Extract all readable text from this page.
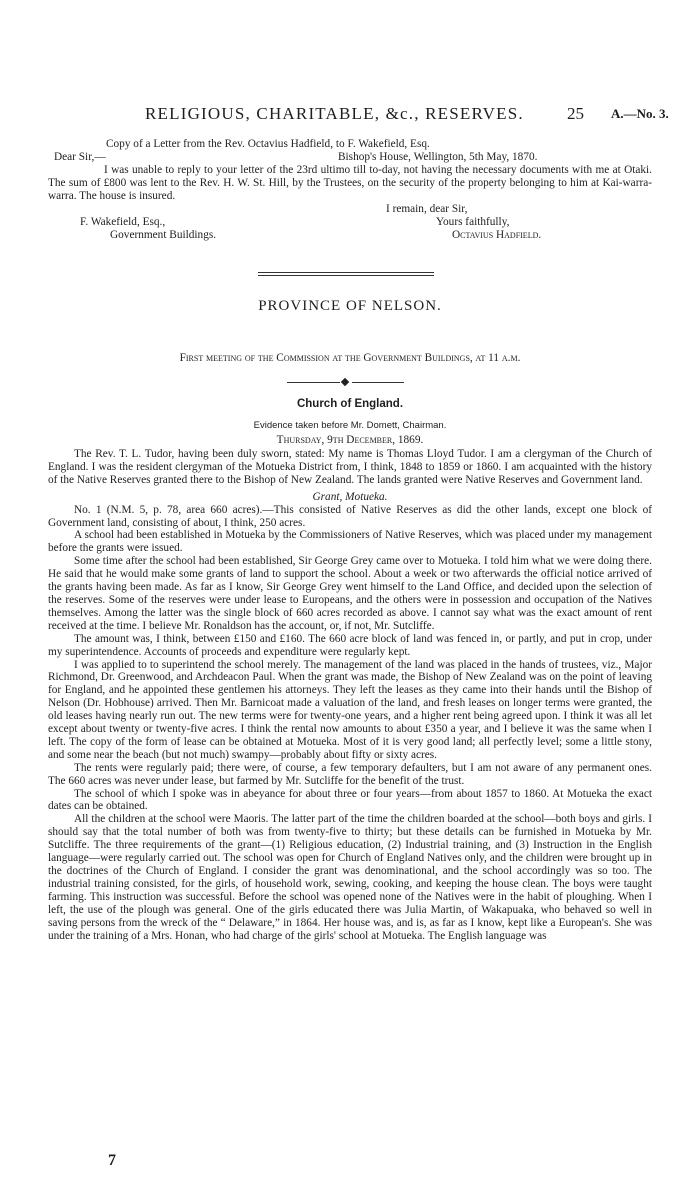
RELIGIOUS, CHARITABLE, &c., RESERVES.	25 A.—No. 3.
Copy of a Letter from the Rev. Octavius Hadfield, to F. Wakefield, Esq.
Dear Sir,—	Bishop's House, Wellington, 5th May, 1870.

I was unable to reply to your letter of the 23rd ultimo till to-day, not having the necessary documents with me at Otaki. The sum of £800 was lent to the Rev. H. W. St. Hill, by the Trustees, on the security of the property belonging to him at Kai-warra-warra. The house is insured.

I remain, dear Sir,
F. Wakefield, Esq.,	Yours faithfully,
Government Buildings.	Octavius Hadfield.
PROVINCE OF NELSON.
First meeting of the Commission at the Government Buildings, at 11 a.m.
Church of England.
Evidence taken before Mr. Domett, Chairman.
Thursday, 9th December, 1869.

The Rev. T. L. Tudor, having been duly sworn, stated: My name is Thomas Lloyd Tudor. I am a clergyman of the Church of England. I was the resident clergyman of the Motueka District from, I think, 1848 to 1859 or 1860. I am acquainted with the history of the Native Reserves granted there to the Bishop of New Zealand. The lands granted were Native Reserves and Government land.

Grant, Motueka.

No. 1 (N.M. 5, p. 78, area 660 acres).—This consisted of Native Reserves as did the other lands, except one block of Government land, consisting of about, I think, 250 acres.

A school had been established in Motueka by the Commissioners of Native Reserves, which was placed under my management before the grants were issued.

Some time after the school had been established, Sir George Grey came over to Motueka. I told him what we were doing there. He said that he would make some grants of land to support the school. About a week or two afterwards the official notice arrived of the grants having been made. As far as I know, Sir George Grey went himself to the Land Office, and decided upon the selection of the reserves. Some of the reserves were under lease to Europeans, and the others were in possession and occupation of the Natives themselves. Among the latter was the single block of 660 acres recorded as above. I cannot say what was the exact amount of rent received at the time. I believe Mr. Ronaldson has the account, or, if not, Mr. Sutcliffe.

The amount was, I think, between £150 and £160. The 660 acre block of land was fenced in, or partly, and put in crop, under my superintendence. Accounts of proceeds and expenditure were regularly kept.

I was applied to to superintend the school merely. The management of the land was placed in the hands of trustees, viz., Major Richmond, Dr. Greenwood, and Archdeacon Paul. When the grant was made, the Bishop of New Zealand was on the point of leaving for England, and he appointed these gentlemen his attorneys. They left the leases as they came into their hands until the Bishop of Nelson (Dr. Hobhouse) arrived. Then Mr. Barnicoat made a valuation of the land, and fresh leases on longer terms were granted, the old leases having nearly run out. The new terms were for twenty-one years, and a higher rent being agreed upon. I think it was all let except about twenty or twenty-five acres. I think the rental now amounts to about £350 a year, and I believe it was the same when I left. The copy of the form of lease can be obtained at Motueka. Most of it is very good land; all perfectly level; some a little stony, and some near the beach (but not much) swampy—probably about fifty or sixty acres.

The rents were regularly paid; there were, of course, a few temporary defaulters, but I am not aware of any permanent ones. The 660 acres was never under lease, but farmed by Mr. Sutcliffe for the benefit of the trust.

The school of which I spoke was in abeyance for about three or four years—from about 1857 to 1860. At Motueka the exact dates can be obtained.

All the children at the school were Maoris. The latter part of the time the children boarded at the school—both boys and girls. I should say that the total number of both was from twenty-five to thirty; but these details can be furnished in Motueka by Mr. Sutcliffe. The three requirements of the grant—(1) Religious education, (2) Industrial training, and (3) Instruction in the English language—were regularly carried out. The school was open for Church of England Natives only, and the children were brought up in the doctrines of the Church of England. I consider the grant was denominational, and the school accordingly was so too. The industrial training consisted, for the girls, of household work, sewing, cooking, and keeping the house clean. The boys were taught farming. This instruction was successful. Before the school was opened none of the Natives were in the habit of ploughing. When I left, the use of the plough was general. One of the girls educated there was Julia Martin, of Wakapuaka, who behaved so well in saving persons from the wreck of the “ Delaware,” in 1864. Her house was, and is, as far as I know, kept like a European's. She was under the training of a Mrs. Honan, who had charge of the girls' school at Motueka. The English language was

7
